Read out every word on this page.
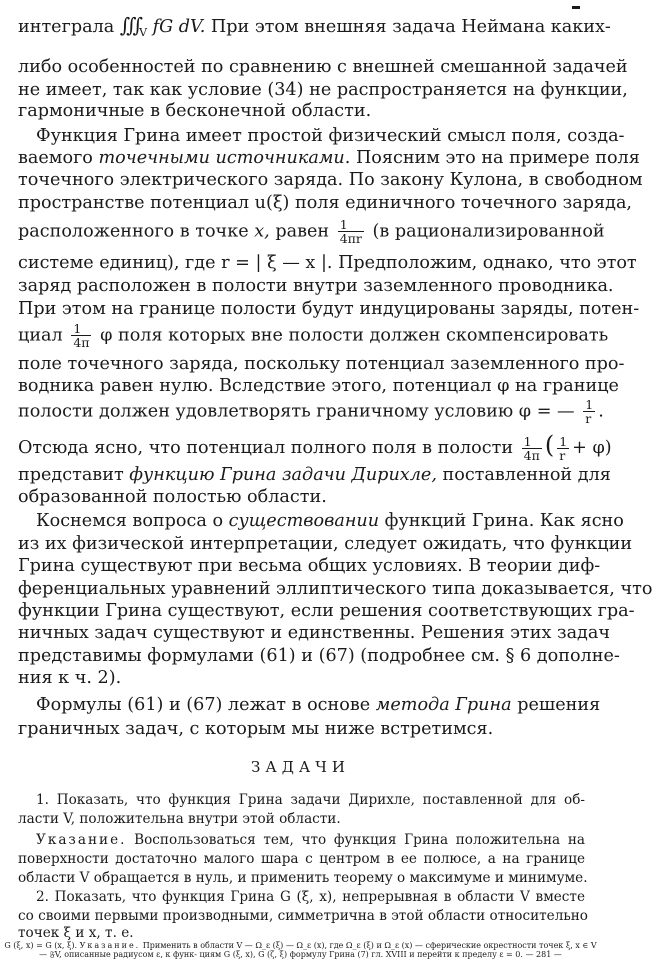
интеграла $\int\int\int_V$ fG dV. При этом внешняя задача Неймана каких-
либо особенностей по сравнению с внешней смешанной задачей
не имеет, так как условие (34) не распространяется на функции,
гармоничные в бесконечной области.
Функция Грина имеет простой физический смысл поля, созда-
ваемого точечными источниками. Поясним это на примере поля
точечного электрического заряда. По закону Кулона, в свободном
пространстве потенциал u(ξ) поля единичного точечного заряда,
расположенного в точке x, равен $\frac{1}{4\pi r} (в$ рационализированной
системе единиц), где r = | ξ — x |. Предположим, однако, что этот
заряд расположен в полости внутри заземленного проводника.
При этом на границе полости будут индуцированы заряды, потен-
циал $\frac{1}{4\pi}$ φ поля которых вне полости должен скомпенсировать
поле точечного заряда, поскольку потенциал заземленного про-
водника равен нулю. Вследствие этого, потенциал φ на границе
полости должен удовлетворять граничному условию φ = — $\frac{1}{r}$ .
Отсюда ясно, что потенциал полного поля в полости $\frac{1}{4\pi}$ ( $\frac{1}{r} + \varphi$)
представит функцию Грина задачи Дирихле, поставленной для
образованной полостью области.
Коснемся вопроса о существовании функций Грина. Как ясно
из их физической интерпретации, следует ожидать, что функции
Грина существуют при весьма общих условиях. В теории диф-
ференциальных уравнений эллиптического типа доказывается, что
функции Грина существуют, если решения соответствующих гра-
ничных задач существуют и единственны. Решения этих задач
представимы формулами (61) и (67) (подробнее см. § 6 дополне-
ния к ч. 2).
Формулы (61) и (67) лежат в основе метода Грина решения
граничных задач, с которым мы ниже встретимся.
ЗАДАЧИ
1. Показать, что функция Грина задачи Дирихле, поставленной для об-
ласти V, положительна внутри этой области.
Указание. Воспользоваться тем, что функция Грина положительна на
поверхности достаточно малого шара с центром в ее полюсе, а на границе
области V обращается в нуль, и применить теорему о максимуме и минимуме.
2. Показать, что функция Грина G (ξ, x), непрерывная в области V вместе
со своими первыми производными, симметрична в этой области относительно
точек ξ и x, т. е.
G (ξ, x) = G (x, ξ). Указание. Применить в области V — Ω_ε (ξ) — Ω_ε (x), где Ω_ε (ξ) и Ω_ε (x) — сферические окрестности точек ξ, x ∈ V — 𝔉V, описанные радиусом ε, к функ- циям G (ξ, x), G (ζ, ξ) формулу Грина (7) гл. XVIII и перейти к пределу ε = 0. — 281 —
